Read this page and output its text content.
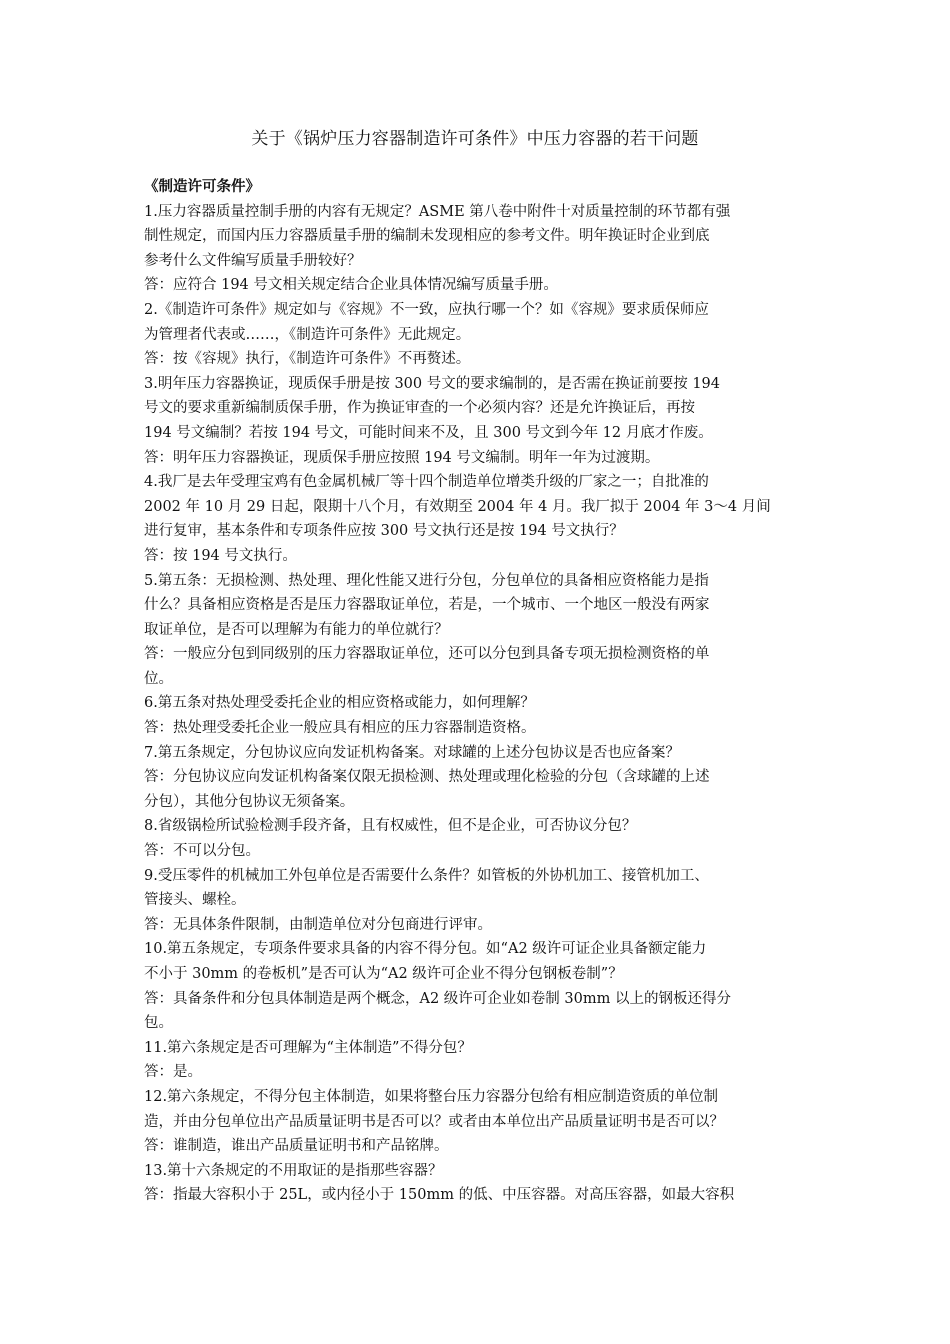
关于《锅炉压力容器制造许可条件》中压力容器的若干问题
《制造许可条件》
1.压力容器质量控制手册的内容有无规定？ASME 第八卷中附件十对质量控制的环节都有强
制性规定，而国内压力容器质量手册的编制未发现相应的参考文件。明年换证时企业到底
参考什么文件编写质量手册较好？
答：应符合 194 号文相关规定结合企业具体情况编写质量手册。
2.《制造许可条件》规定如与《容规》不一致，应执行哪一个？如《容规》要求质保师应
为管理者代表或……，《制造许可条件》无此规定。
答：按《容规》执行，《制造许可条件》不再赘述。
3.明年压力容器换证，现质保手册是按 300 号文的要求编制的，是否需在换证前要按 194
号文的要求重新编制质保手册，作为换证审查的一个必须内容？还是允许换证后，再按
194 号文编制？若按 194 号文，可能时间来不及，且 300 号文到今年 12 月底才作废。
答：明年压力容器换证，现质保手册应按照 194 号文编制。明年一年为过渡期。
4.我厂是去年受理宝鸡有色金属机械厂等十四个制造单位增类升级的厂家之一；自批准的
2002 年 10 月 29 日起，限期十八个月，有效期至 2004 年 4 月。我厂拟于 2004 年 3～4 月间
进行复审，基本条件和专项条件应按 300 号文执行还是按 194 号文执行？
答：按 194 号文执行。
5.第五条：无损检测、热处理、理化性能又进行分包，分包单位的具备相应资格能力是指
什么？具备相应资格是否是压力容器取证单位，若是，一个城市、一个地区一般没有两家
取证单位，是否可以理解为有能力的单位就行？
答：一般应分包到同级别的压力容器取证单位，还可以分包到具备专项无损检测资格的单
位。
6.第五条对热处理受委托企业的相应资格或能力，如何理解？
答：热处理受委托企业一般应具有相应的压力容器制造资格。
7.第五条规定，分包协议应向发证机构备案。对球罐的上述分包协议是否也应备案？
答：分包协议应向发证机构备案仅限无损检测、热处理或理化检验的分包（含球罐的上述
分包），其他分包协议无须备案。
8.省级锅检所试验检测手段齐备，且有权威性，但不是企业，可否协议分包？
答：不可以分包。
9.受压零件的机械加工外包单位是否需要什么条件？如管板的外协机加工、接管机加工、
管接头、螺栓。
答：无具体条件限制，由制造单位对分包商进行评审。
10.第五条规定，专项条件要求具备的内容不得分包。如“A2 级许可证企业具备额定能力
不小于 30mm 的卷板机”是否可认为“A2 级许可企业不得分包钢板卷制”？
答：具备条件和分包具体制造是两个概念，A2 级许可企业如卷制 30mm 以上的钢板还得分
包。
11.第六条规定是否可理解为“主体制造”不得分包？
答：是。
12.第六条规定，不得分包主体制造，如果将整台压力容器分包给有相应制造资质的单位制
造，并由分包单位出产品质量证明书是否可以？或者由本单位出产品质量证明书是否可以？
答：谁制造，谁出产品质量证明书和产品铭牌。
13.第十六条规定的不用取证的是指那些容器？
答：指最大容积小于 25L，或内径小于 150mm 的低、中压容器。对高压容器，如最大容积
